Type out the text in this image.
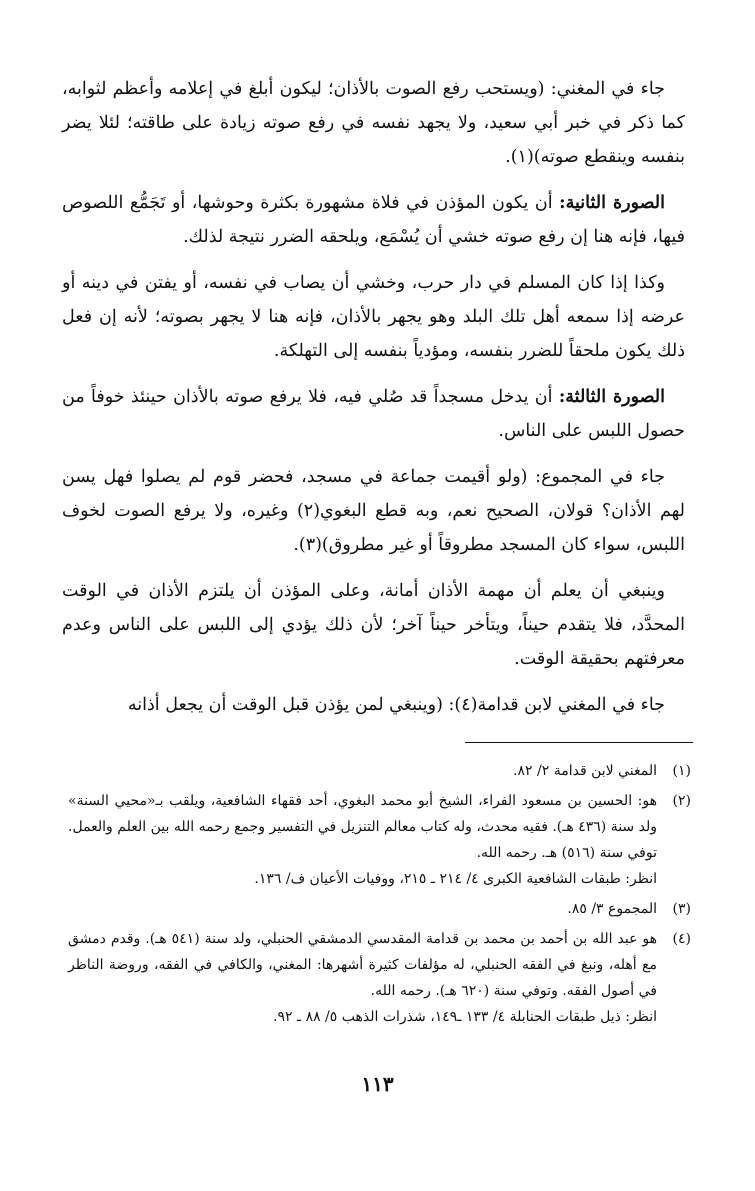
جاء في المغني: (ويستحب رفع الصوت بالأذان؛ ليكون أبلغ في إعلامه وأعظم لثوابه، كما ذكر في خبر أبي سعيد، ولا يجهد نفسه في رفع صوته زيادة على طاقته؛ لئلا يضر بنفسه وينقطع صوته)(١).

الصورة الثانية: أن يكون المؤذن في فلاة مشهورة بكثرة وحوشها، أو تَجَمُّع اللصوص فيها، فإنه هنا إن رفع صوته خشي أن يُسْمَع، ويلحقه الضرر نتيجة لذلك.

وكذا إذا كان المسلم في دار حرب، وخشي أن يصاب في نفسه، أو يفتن في دينه أو عرضه إذا سمعه أهل تلك البلد وهو يجهر بالأذان، فإنه هنا لا يجهر بصوته؛ لأنه إن فعل ذلك يكون ملحقاً للضرر بنفسه، ومؤدياً بنفسه إلى التهلكة.

الصورة الثالثة: أن يدخل مسجداً قد صُلي فيه، فلا يرفع صوته بالأذان حينئذ خوفاً من حصول اللبس على الناس.

جاء في المجموع: (ولو أقيمت جماعة في مسجد، فحضر قوم لم يصلوا فهل يسن لهم الأذان؟ قولان، الصحيح نعم، وبه قطع البغوي(٢) وغيره، ولا يرفع الصوت لخوف اللبس، سواء كان المسجد مطروقاً أو غير مطروق)(٣).

وينبغي أن يعلم أن مهمة الأذان أمانة، وعلى المؤذن أن يلتزم الأذان في الوقت المحدَّد، فلا يتقدم حيناً، ويتأخر حيناً آخر؛ لأن ذلك يؤدي إلى اللبس على الناس وعدم معرفتهم بحقيقة الوقت.

جاء في المغني لابن قدامة(٤): (وينبغي لمن يؤذن قبل الوقت أن يجعل أذانه

(١)

المغني لابن قدامة ٢/ ٨٢.

(٢)

هو: الحسين بن مسعود الفراء، الشيخ أبو محمد البغوي، أحد فقهاء الشافعية، ويلقب بـ«محيي السنة» ولد سنة (٤٣٦ هـ). فقيه محدث، وله كتاب معالم التنزيل في التفسير وجمع رحمه الله بين العلم والعمل. توفي سنة (٥١٦) هـ. رحمه الله.

انظر: طبقات الشافعية الكبرى ٤/ ٢١٤ ـ ٢١٥، ووفيات الأعيان ف/ ١٣٦.

(٣)

المجموع ٣/ ٨٥.

(٤)

هو عبد الله بن أحمد بن محمد بن قدامة المقدسي الدمشقي الحنبلي، ولد سنة (٥٤١ هـ). وقدم دمشق مع أهله، ونبغ في الفقه الحنبلي، له مؤلفات كثيرة أشهرها: المغني، والكافي في الفقه، وروضة الناظر في أصول الفقه. وتوفي سنة (٦٢٠ هـ). رحمه الله.

انظر: ذيل طبقات الحنابلة ٤/ ١٣٣ ـ١٤٩، شذرات الذهب ٥/ ٨٨ ـ ٩٢.

١١٣
